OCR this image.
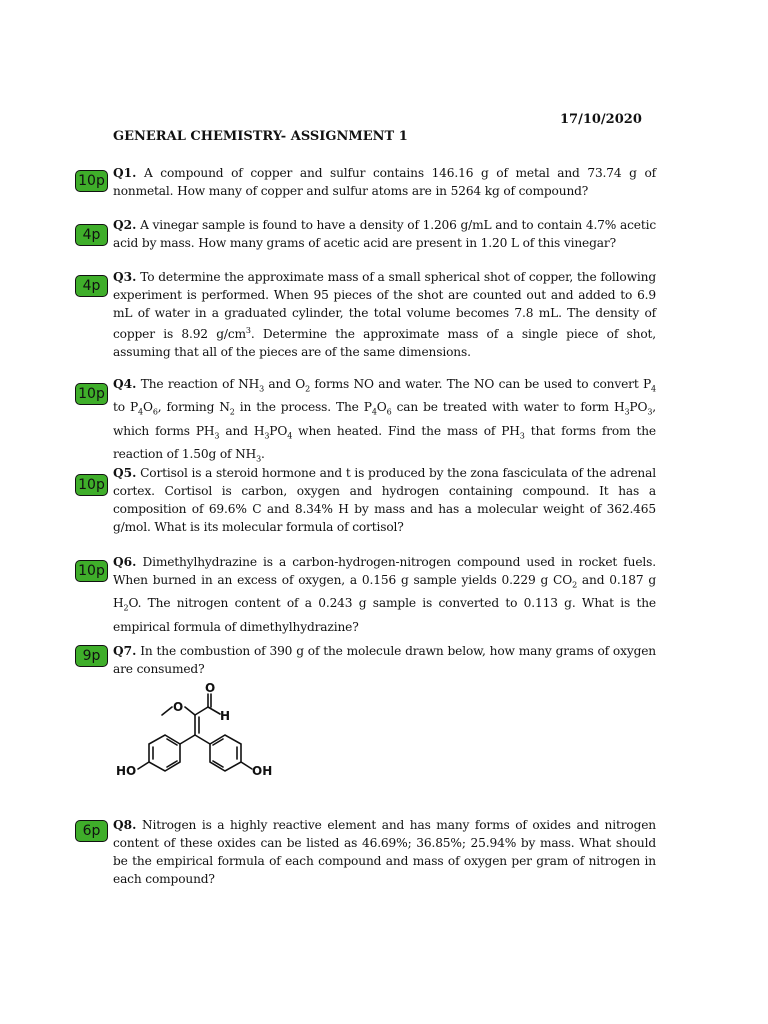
17/10/2020
GENERAL CHEMISTRY- ASSIGNMENT 1
10p Q1. A compound of copper and sulfur contains 146.16 g of metal and 73.74 g of nonmetal. How many of copper and sulfur atoms are in 5264 kg of compound?

4p

Q2. A vinegar sample is found to have a density of 1.206 g/mL and to contain 4.7% acetic acid by mass. How many grams of acetic acid are present in 1.20 L of this vinegar?

4p

Q3. To determine the approximate mass of a small spherical shot of copper, the following experiment is performed. When 95 pieces of the shot are counted out and added to 6.9 mL of water in a graduated cylinder, the total volume becomes 7.8 mL. The density of copper is 8.92 $g/cm^3$. Determine the approximate mass of a single piece of shot, assuming that all of the pieces are of the same dimensions.

10p

Q4. The reaction of $NH_3$ and $O_2$ forms NO and water. The NO can be used to convert $P_4$ to $P_4O_6$, forming $N_2$ in the process. The $P_4O_6$ can be treated with water to form $H_3PO_3$, which forms $PH_3$ and $H_3PO_4$ when heated. Find the mass of $PH_3$ that forms from the reaction of 1.50g of $NH_3$.

10p

Q5. Cortisol is a steroid hormone and t is produced by the zona fasciculata of the adrenal cortex. Cortisol is carbon, oxygen and hydrogen containing compound. It has a composition of 69.6% C and 8.34% H by mass and has a molecular weight of 362.465 g/mol. What is its molecular formula of cortisol?

10p

Q6. Dimethylhydrazine is a carbon-hydrogen-nitrogen compound used in rocket fuels. When burned in an excess of oxygen, a 0.156 g sample yields 0.229 g $CO_2$ and 0.187 g $H_2O$. The nitrogen content of a 0.243 g sample is converted to 0.113 g. What is the empirical formula of dimethylhydrazine?

9p	Q7. In the combustion of 390 g of the molecule drawn below, how many grams of oxygen are consumed?

O
O
H
HO	OH
6p	Q8. Nitrogen is a highly reactive element and has many forms of oxides and nitrogen content of these oxides can be listed as 46.69%; 36.85%; 25.94% by mass. What should be the empirical formula of each compound and mass of oxygen per gram of nitrogen in each compound?
